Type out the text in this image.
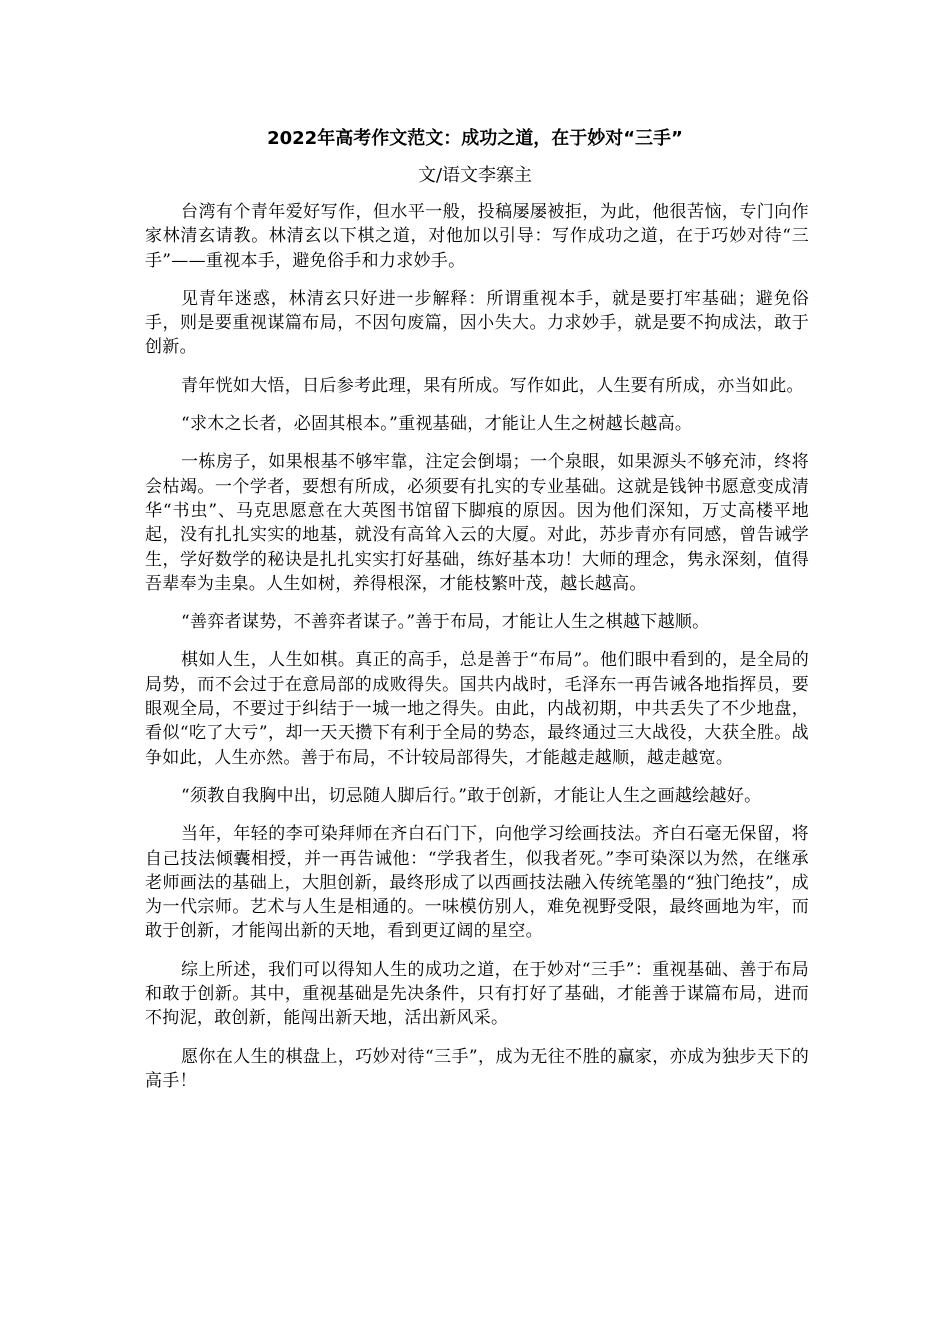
2022年高考作文范文：成功之道，在于妙对“三手”
文/语文李寨主

台湾有个青年爱好写作，但水平一般，投稿屡屡被拒，为此，他很苦恼，专门向作家林清玄请教。林清玄以下棋之道，对他加以引导：写作成功之道，在于巧妙对待“三手”——重视本手，避免俗手和力求妙手。

见青年迷惑，林清玄只好进一步解释：所谓重视本手，就是要打牢基础；避免俗手，则是要重视谋篇布局，不因句废篇，因小失大。力求妙手，就是要不拘成法，敢于创新。

青年恍如大悟，日后参考此理，果有所成。写作如此，人生要有所成，亦当如此。

“求木之长者，必固其根本。”重视基础，才能让人生之树越长越高。

一栋房子，如果根基不够牢靠，注定会倒塌；一个泉眼，如果源头不够充沛，终将会枯竭。一个学者，要想有所成，必须要有扎实的专业基础。这就是钱钟书愿意变成清华“书虫”、马克思愿意在大英图书馆留下脚痕的原因。因为他们深知，万丈高楼平地起，没有扎扎实实的地基，就没有高耸入云的大厦。对此，苏步青亦有同感，曾告诫学生，学好数学的秘诀是扎扎实实打好基础，练好基本功！大师的理念，隽永深刻，值得吾辈奉为圭臬。人生如树，养得根深，才能枝繁叶茂，越长越高。

“善弈者谋势，不善弈者谋子。”善于布局，才能让人生之棋越下越顺。

棋如人生，人生如棋。真正的高手，总是善于“布局”。他们眼中看到的，是全局的局势，而不会过于在意局部的成败得失。国共内战时，毛泽东一再告诫各地指挥员，要眼观全局，不要过于纠结于一城一地之得失。由此，内战初期，中共丢失了不少地盘，看似“吃了大亏”，却一天天攒下有利于全局的势态，最终通过三大战役，大获全胜。战争如此，人生亦然。善于布局，不计较局部得失，才能越走越顺，越走越宽。

“须教自我胸中出，切忌随人脚后行。”敢于创新，才能让人生之画越绘越好。

当年，年轻的李可染拜师在齐白石门下，向他学习绘画技法。齐白石毫无保留，将自己技法倾囊相授，并一再告诫他：“学我者生，似我者死。”李可染深以为然，在继承老师画法的基础上，大胆创新，最终形成了以西画技法融入传统笔墨的“独门绝技”，成为一代宗师。艺术与人生是相通的。一味模仿别人，难免视野受限，最终画地为牢，而敢于创新，才能闯出新的天地，看到更辽阔的星空。

综上所述，我们可以得知人生的成功之道，在于妙对“三手”：重视基础、善于布局和敢于创新。其中，重视基础是先决条件，只有打好了基础，才能善于谋篇布局，进而不拘泥，敢创新，能闯出新天地，活出新风采。

愿你在人生的棋盘上，巧妙对待“三手”，成为无往不胜的赢家，亦成为独步天下的高手！
